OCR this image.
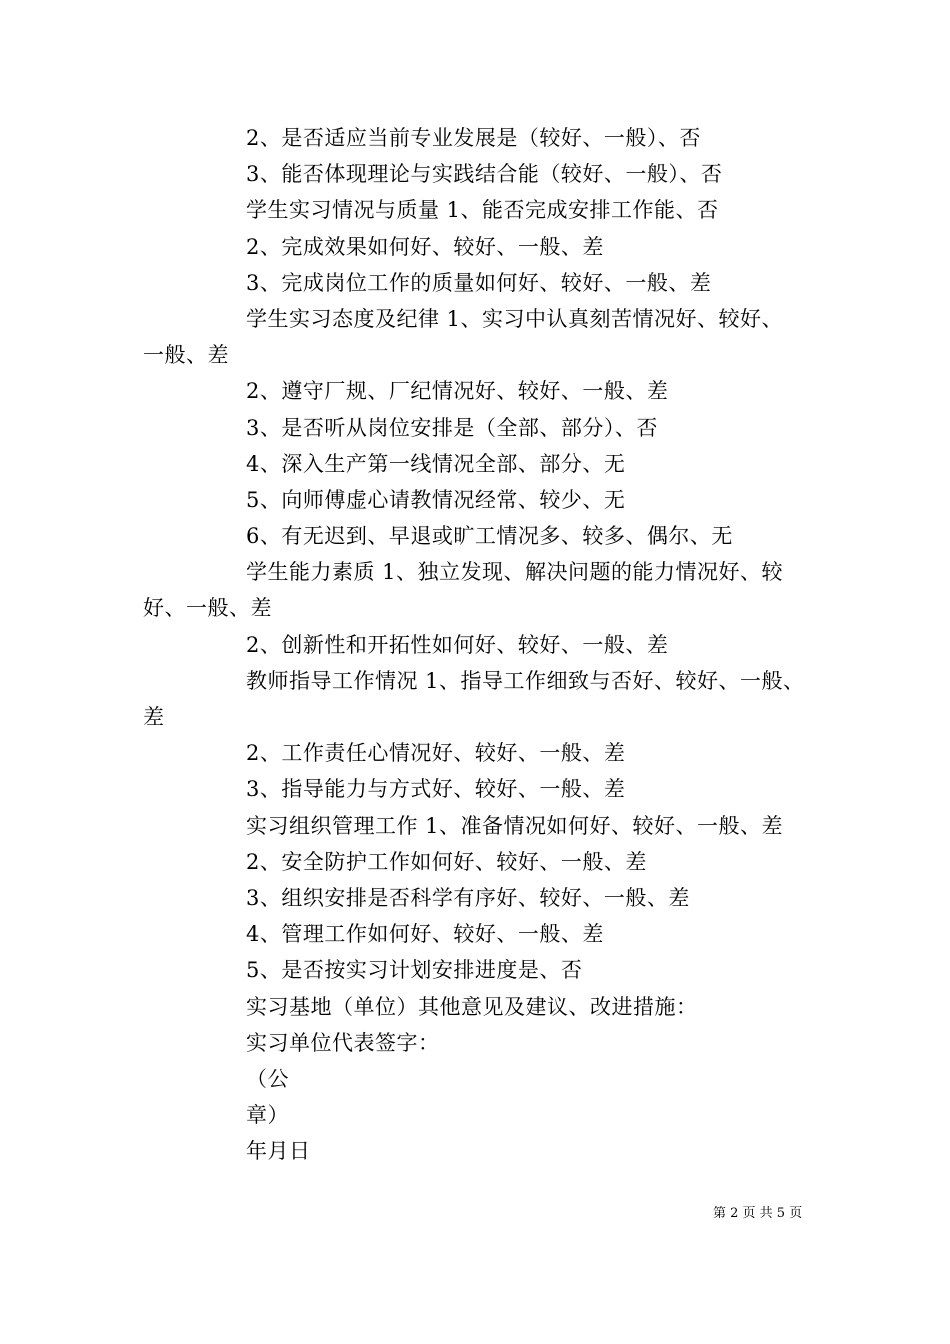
2、是否适应当前专业发展是（较好、一般）、否
3、能否体现理论与实践结合能（较好、一般）、否
学生实习情况与质量 1、能否完成安排工作能、否
2、完成效果如何好、较好、一般、差
3、完成岗位工作的质量如何好、较好、一般、差
学生实习态度及纪律 1、实习中认真刻苦情况好、较好、
一般、差
2、遵守厂规、厂纪情况好、较好、一般、差
3、是否听从岗位安排是（全部、部分）、否
4、深入生产第一线情况全部、部分、无
5、向师傅虚心请教情况经常、较少、无
6、有无迟到、早退或旷工情况多、较多、偶尔、无
学生能力素质 1、独立发现、解决问题的能力情况好、较
好、一般、差
2、创新性和开拓性如何好、较好、一般、差
教师指导工作情况 1、指导工作细致与否好、较好、一般、
差
2、工作责任心情况好、较好、一般、差
3、指导能力与方式好、较好、一般、差
实习组织管理工作 1、准备情况如何好、较好、一般、差
2、安全防护工作如何好、较好、一般、差
3、组织安排是否科学有序好、较好、一般、差
4、管理工作如何好、较好、一般、差
5、是否按实习计划安排进度是、否
实习基地（单位）其他意见及建议、改进措施：
实习单位代表签字：
（公
章）
年月日
第 2 页 共 5 页
